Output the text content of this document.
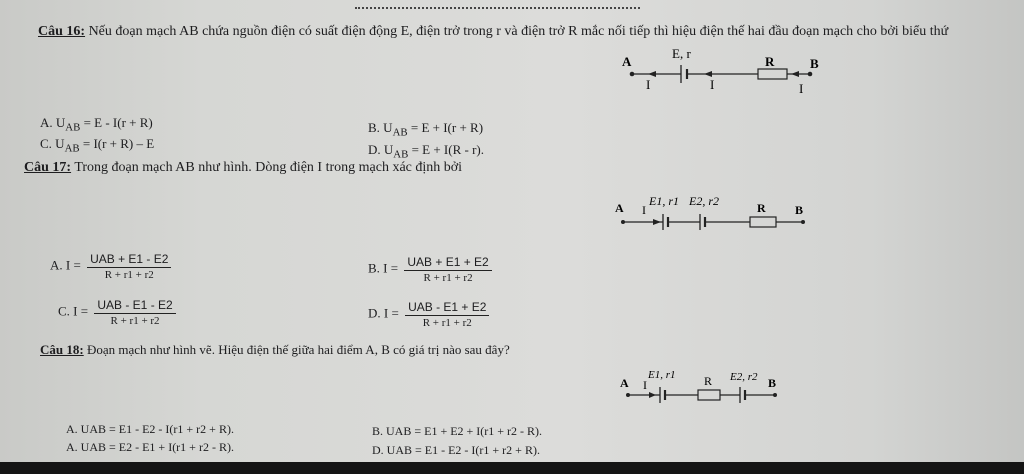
Câu 16: Nếu đoạn mạch AB chứa nguồn điện có suất điện động E, điện trở trong r và điện trở R mắc nối tiếp thì hiệu điện thế hai đầu đoạn mạch cho bởi biểu thứ
A
E, r
R	B
I	I	I
A. $U_{AB} = E - I(r + R)$	B. $U_{AB} = E + I(r + R)$
C. $U_{AB} = I(r + R) - E$	D. $U_{AB} = E + I(R - r)$.
Câu 17: Trong đoạn mạch AB như hình. Dòng điện I trong mạch xác định bởi
A I
E1, r1 E2, r2	R B
A. $I = \frac{\text{UAB + E1 - E2}}{R + r1 + r2}$	B. $I = \frac{\text{UAB + E1 + E2}}{R + r1 + r2}$
C. $I = \frac{\text{UAB - E1 - E2}}{R + r1 + r2}$	D. $I = \frac{\text{UAB - E1 + E2}}{R + r1 + r2}$
Câu 18: Đoạn mạch như hình vẽ. Hiệu điện thế giữa hai điểm A, B có giá trị nào sau đây?
A I
E1, r1 R E2, r2 B
A. UAB = E1 - E2 - I(r1 + r2 + R).	B. UAB = E1 + E2 + I(r1 + r2 - R).
A. UAB = E2 - E1 + I(r1 + r2 - R).	D. UAB = E1 - E2 - I(r1 + r2 + R).
